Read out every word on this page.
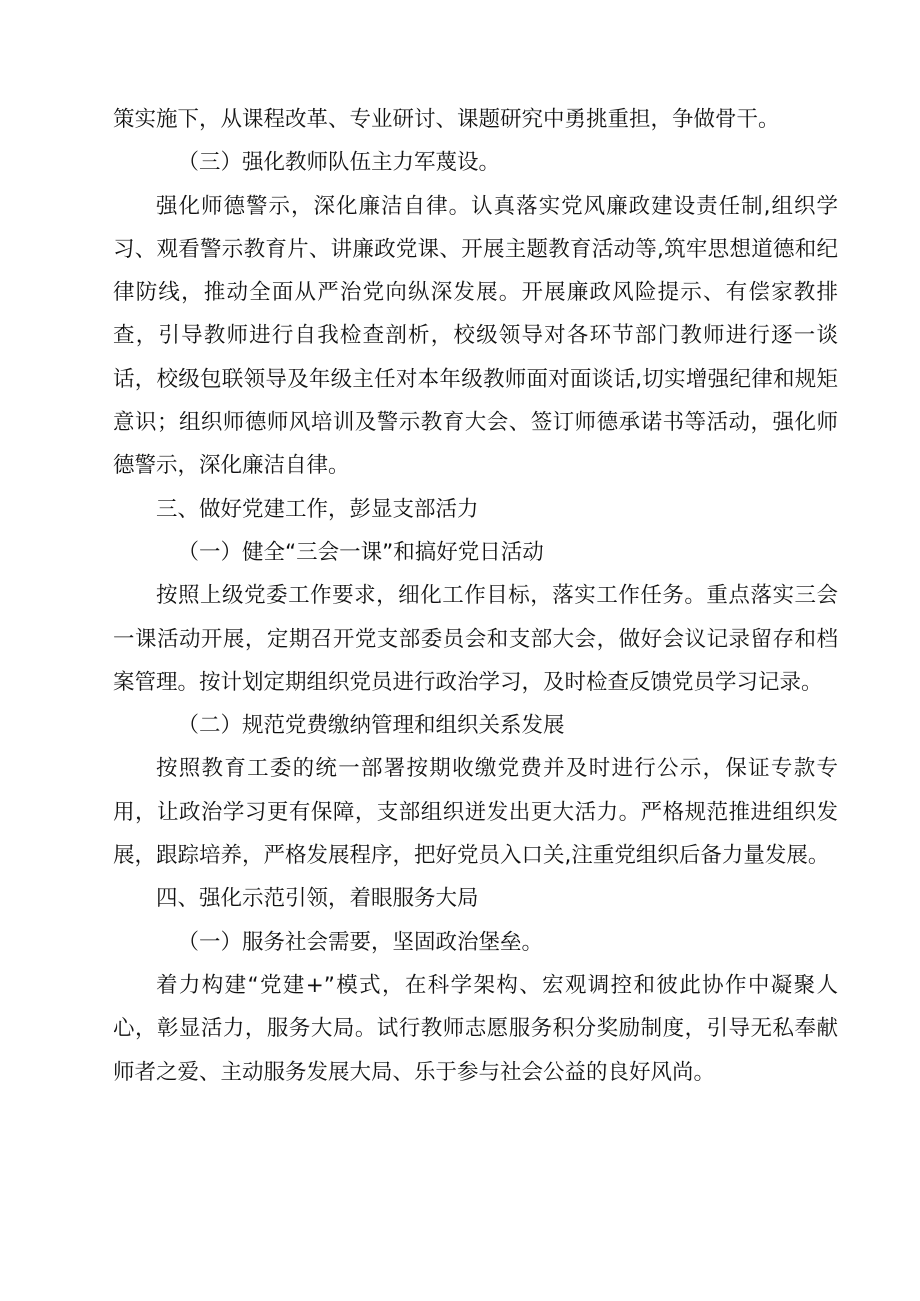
策实施下，从课程改革、专业研讨、课题研究中勇挑重担，争做骨干。

（三）强化教师队伍主力军蔑设。

强化师德警示，深化廉洁自律。认真落实党风廉政建设责任制,组织学习、观看警示教育片、讲廉政党课、开展主题教育活动等,筑牢思想道德和纪律防线，推动全面从严治党向纵深发展。开展廉政风险提示、有偿家教排查，引导教师进行自我检查剖析，校级领导对各环节部门教师进行逐一谈话，校级包联领导及年级主任对本年级教师面对面谈话,切实增强纪律和规矩意识；组织师德师风培训及警示教育大会、签订师德承诺书等活动，强化师德警示，深化廉洁自律。

三、做好党建工作，彭显支部活力

（一）健全“三会一课”和搞好党日活动

按照上级党委工作要求，细化工作目标，落实工作任务。重点落实三会一课活动开展，定期召开党支部委员会和支部大会，做好会议记录留存和档案管理。按计划定期组织党员进行政治学习，及时检查反馈党员学习记录。

（二）规范党费缴纳管理和组织关系发展

按照教育工委的统一部署按期收缴党费并及时进行公示，保证专款专用，让政治学习更有保障，支部组织迸发出更大活力。严格规范推进组织发展，跟踪培养，严格发展程序，把好党员入口关,注重党组织后备力量发展。

四、强化示范引领，着眼服务大局

（一）服务社会需要，坚固政治堡垒。

着力构建“党建+”模式，在科学架构、宏观调控和彼此协作中凝聚人心，彰显活力，服务大局。试行教师志愿服务积分奖励制度，引导无私奉献师者之爱、主动服务发展大局、乐于参与社会公益的良好风尚。
